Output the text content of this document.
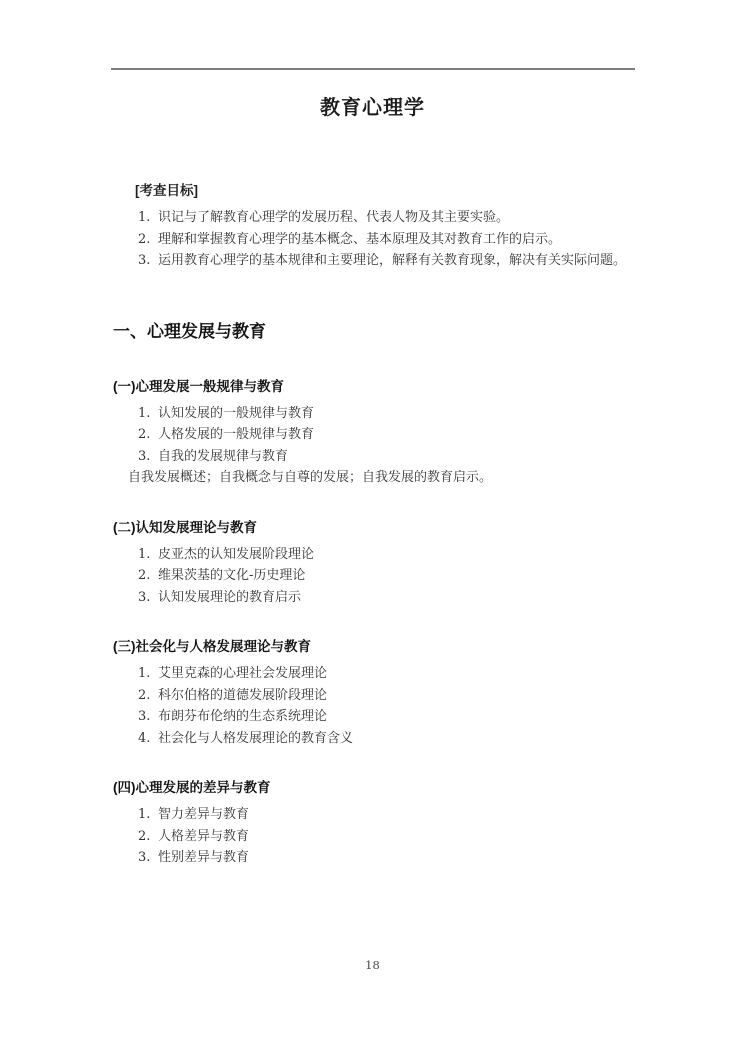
教育心理学
[考查目标]
1. 识记与了解教育心理学的发展历程、代表人物及其主要实验。
2. 理解和掌握教育心理学的基本概念、基本原理及其对教育工作的启示。
3. 运用教育心理学的基本规律和主要理论，解释有关教育现象，解决有关实际问题。
一、心理发展与教育
(一)心理发展一般规律与教育
1. 认知发展的一般规律与教育
2. 人格发展的一般规律与教育
3. 自我的发展规律与教育

自我发展概述；自我概念与自尊的发展；自我发展的教育启示。

(二)认知发展理论与教育
1. 皮亚杰的认知发展阶段理论
2. 维果茨基的文化-历史理论
3. 认知发展理论的教育启示
(三)社会化与人格发展理论与教育
1. 艾里克森的心理社会发展理论
2. 科尔伯格的道德发展阶段理论
3. 布朗芬布伦纳的生态系统理论
4. 社会化与人格发展理论的教育含义
(四)心理发展的差异与教育
1. 智力差异与教育
2. 人格差异与教育
3. 性别差异与教育
18
